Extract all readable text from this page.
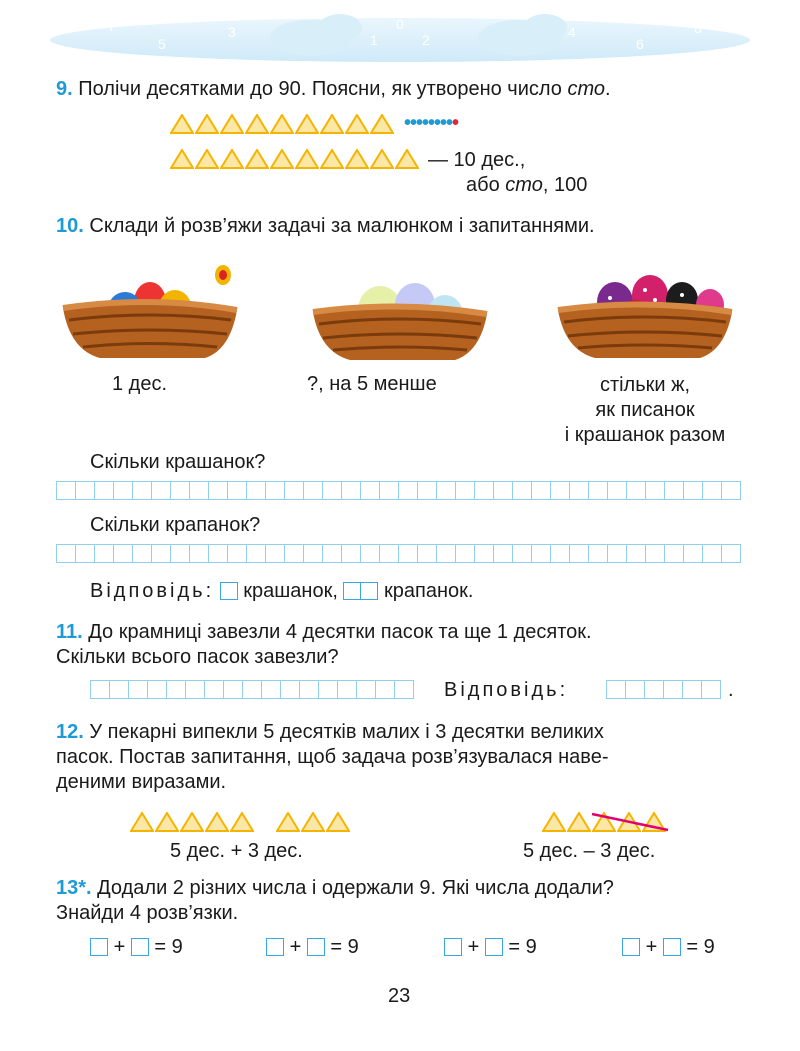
7
5
3	1
0
2	4
6
8
9. Полічи десятками до 90. Поясни, як утворено число сто.
•••••••••
— 10 дес.,
або сто, 100
10. Склади й розв’яжи задачі за малюнком і запитаннями.
1 дес.	?, на 5 менше	стільки ж,
як писанок
і крашанок разом
Скільки крашанок?
Скільки крапанок?
Відповідь: крашанок, крапанок.
11. До крамниці завезли 4 десятки пасок та ще 1 десяток.
Скільки всього пасок завезли?
Відповідь:	.
12. У пекарні випекли 5 десятків малих і 3 десятки великих
пасок. Постав запитання, щоб задача розв’язувалася наве-
деними виразами.
5 дес. + 3 дес.	5 дес. – 3 дес.
13*. Додали 2 різних числа і одержали 9. Які числа додали?
Знайди 4 розв’язки.
+ = 9	+ = 9	+ = 9	+ = 9
23
